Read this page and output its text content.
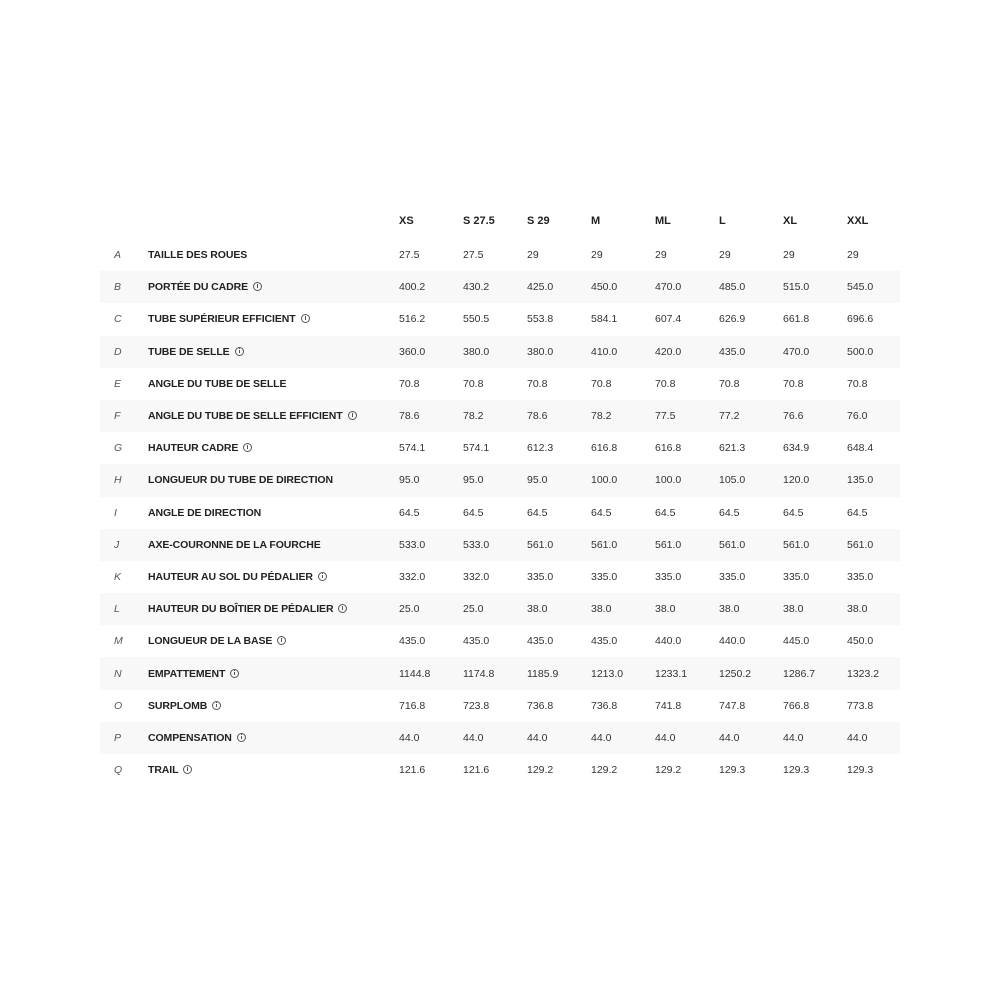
		XS	S 27.5	S 29	M	ML	L	XL	XXL
A	TAILLE DES ROUES	27.5	27.5	29	29	29	29	29	29
B	PORTÉE DU CADRE	400.2	430.2	425.0	450.0	470.0	485.0	515.0	545.0
C	TUBE SUPÉRIEUR EFFICIENT	516.2	550.5	553.8	584.1	607.4	626.9	661.8	696.6
D	TUBE DE SELLE	360.0	380.0	380.0	410.0	420.0	435.0	470.0	500.0
E	ANGLE DU TUBE DE SELLE	70.8	70.8	70.8	70.8	70.8	70.8	70.8	70.8
F	ANGLE DU TUBE DE SELLE EFFICIENT	78.6	78.2	78.6	78.2	77.5	77.2	76.6	76.0
G	HAUTEUR CADRE	574.1	574.1	612.3	616.8	616.8	621.3	634.9	648.4
H	LONGUEUR DU TUBE DE DIRECTION	95.0	95.0	95.0	100.0	100.0	105.0	120.0	135.0
I	ANGLE DE DIRECTION	64.5	64.5	64.5	64.5	64.5	64.5	64.5	64.5
J	AXE-COURONNE DE LA FOURCHE	533.0	533.0	561.0	561.0	561.0	561.0	561.0	561.0
K	HAUTEUR AU SOL DU PÉDALIER	332.0	332.0	335.0	335.0	335.0	335.0	335.0	335.0
L	HAUTEUR DU BOÎTIER DE PÉDALIER	25.0	25.0	38.0	38.0	38.0	38.0	38.0	38.0
M	LONGUEUR DE LA BASE	435.0	435.0	435.0	435.0	440.0	440.0	445.0	450.0
N	EMPATTEMENT	1144.8	1174.8	1185.9	1213.0	1233.1	1250.2	1286.7	1323.2
O	SURPLOMB	716.8	723.8	736.8	736.8	741.8	747.8	766.8	773.8
P	COMPENSATION	44.0	44.0	44.0	44.0	44.0	44.0	44.0	44.0
Q	TRAIL	121.6	121.6	129.2	129.2	129.2	129.3	129.3	129.3
